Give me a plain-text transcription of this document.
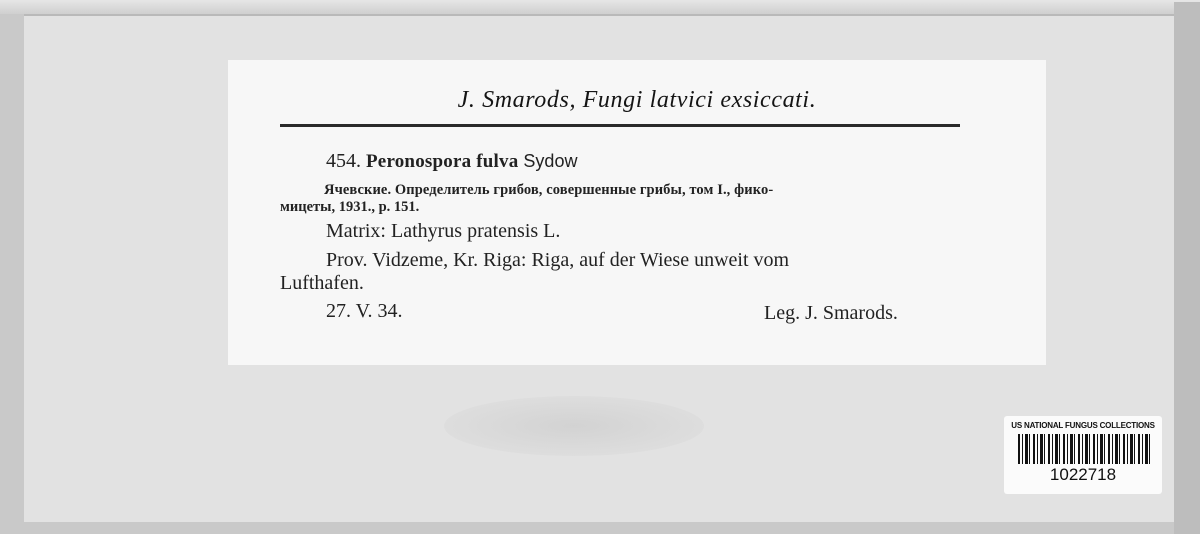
J. Smarods, Fungi latvici exsiccati.
454. Peronospora fulva Sydow
Ячевские. Определитель грибов, совершенные грибы, том I., фико-
мицеты, 1931., p. 151.
Matrix: Lathyrus pratensis L.
Prov. Vidzeme, Kr. Riga: Riga, auf der Wiese unweit vom
Lufthafen.
27. V. 34.	Leg. J. Smarods.
US NATIONAL FUNGUS COLLECTIONS
1022718
